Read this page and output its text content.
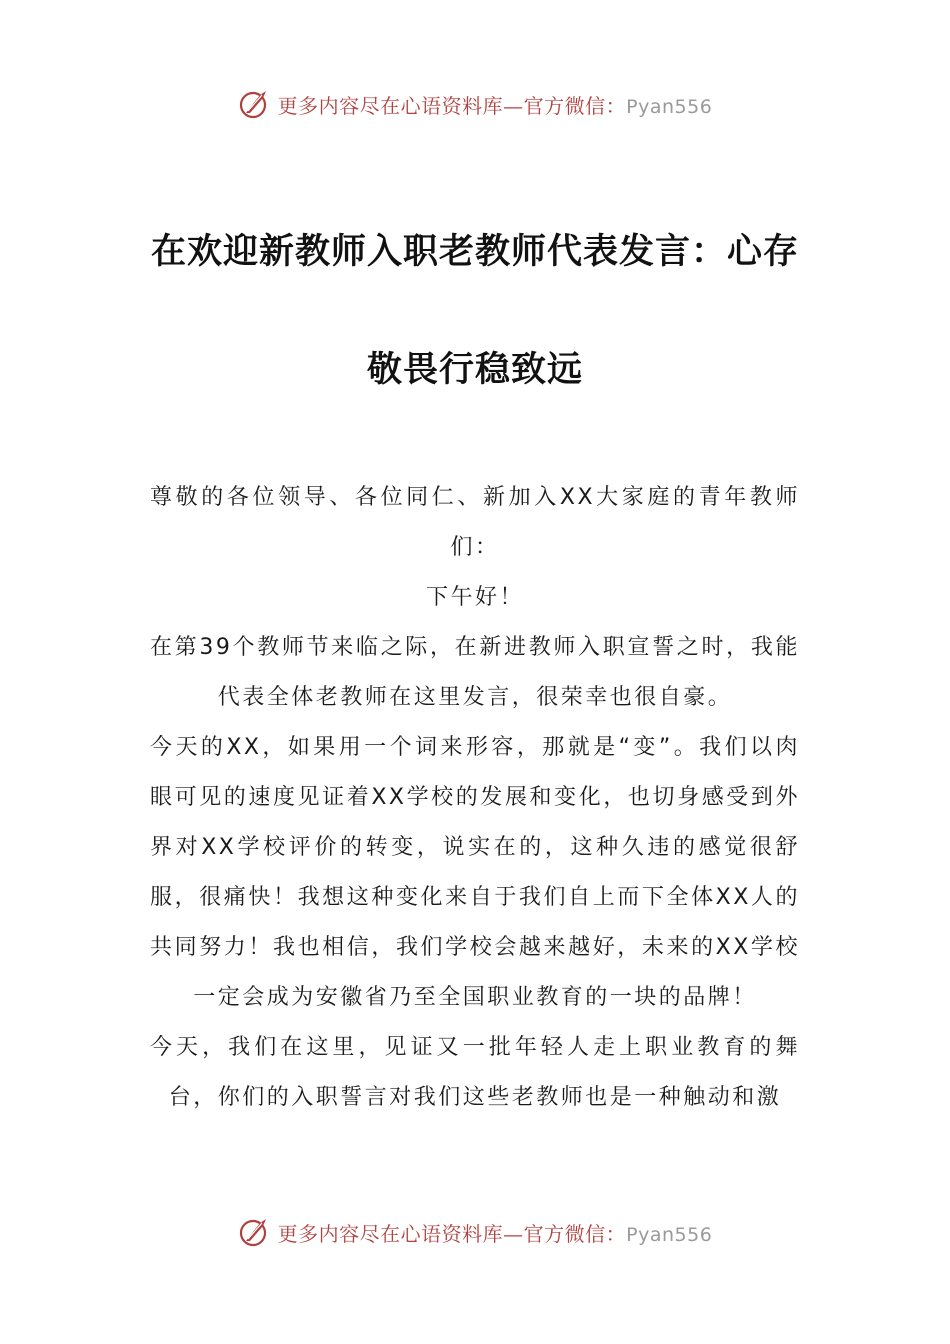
更多内容尽在心语资料库—官方微信：Pyan556
在欢迎新教师入职老教师代表发言：心存
敬畏行稳致远

尊敬的各位领导、各位同仁、新加入XX大家庭的青年教师们：

下午好！

在第39个教师节来临之际，在新进教师入职宣誓之时，我能代表全体老教师在这里发言，很荣幸也很自豪。

今天的XX，如果用一个词来形容，那就是“变”。我们以肉眼可见的速度见证着XX学校的发展和变化，也切身感受到外界对XX学校评价的转变，说实在的，这种久违的感觉很舒服，很痛快！我想这种变化来自于我们自上而下全体XX人的共同努力！我也相信，我们学校会越来越好，未来的XX学校一定会成为安徽省乃至全国职业教育的一块的品牌！

今天，我们在这里，见证又一批年轻人走上职业教育的舞台，你们的入职誓言对我们这些老教师也是一种触动和激

更多内容尽在心语资料库—官方微信：Pyan556
